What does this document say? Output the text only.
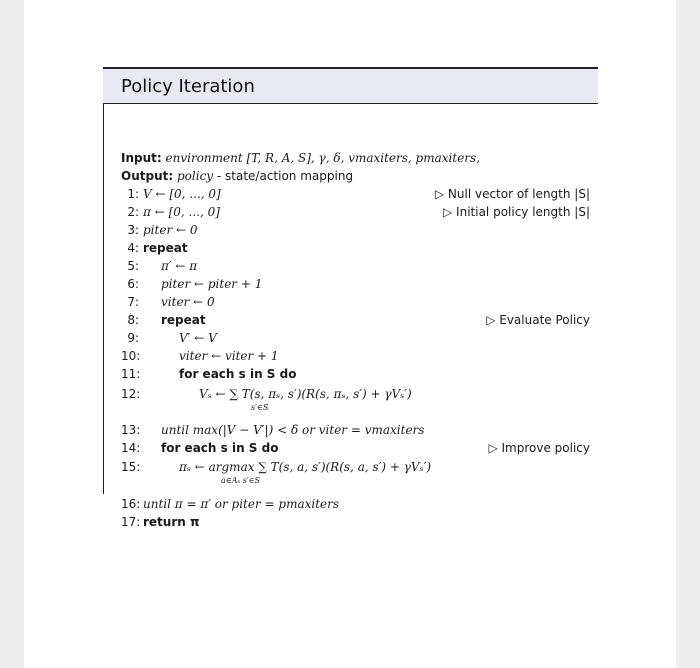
Policy Iteration
Input: environment [T, R, A, S], γ, δ, vmaxiters, pmaxiters,
Output: policy - state/action mapping
1: V ← [0, ..., 0]	▷ Null vector of length |S|
2: π ← [0, ..., 0]	▷ Initial policy length |S|
3: piter ← 0
4: repeat
5: π′ ← π
6: piter ← piter + 1
7: viter ← 0
8: repeat	▷ Evaluate Policy
9:	V′ ← V
10:	viter ← viter + 1
11:	for each s in S do
12:	Vₛ ← ∑ T(s, πₛ, s′)(R(s, πₛ, s′) + γVₛ′)
s′∈S
13: until max(|V − V′|) < δ or viter = vmaxiters
14: for each s in S do	▷ Improve policy
15:	πₛ ← argmax ∑ T(s, a, s′)(R(s, a, s′) + γVₛ′)
a∈Aₛ s′∈S
16: until π = π′ or piter = pmaxiters
17: return π
